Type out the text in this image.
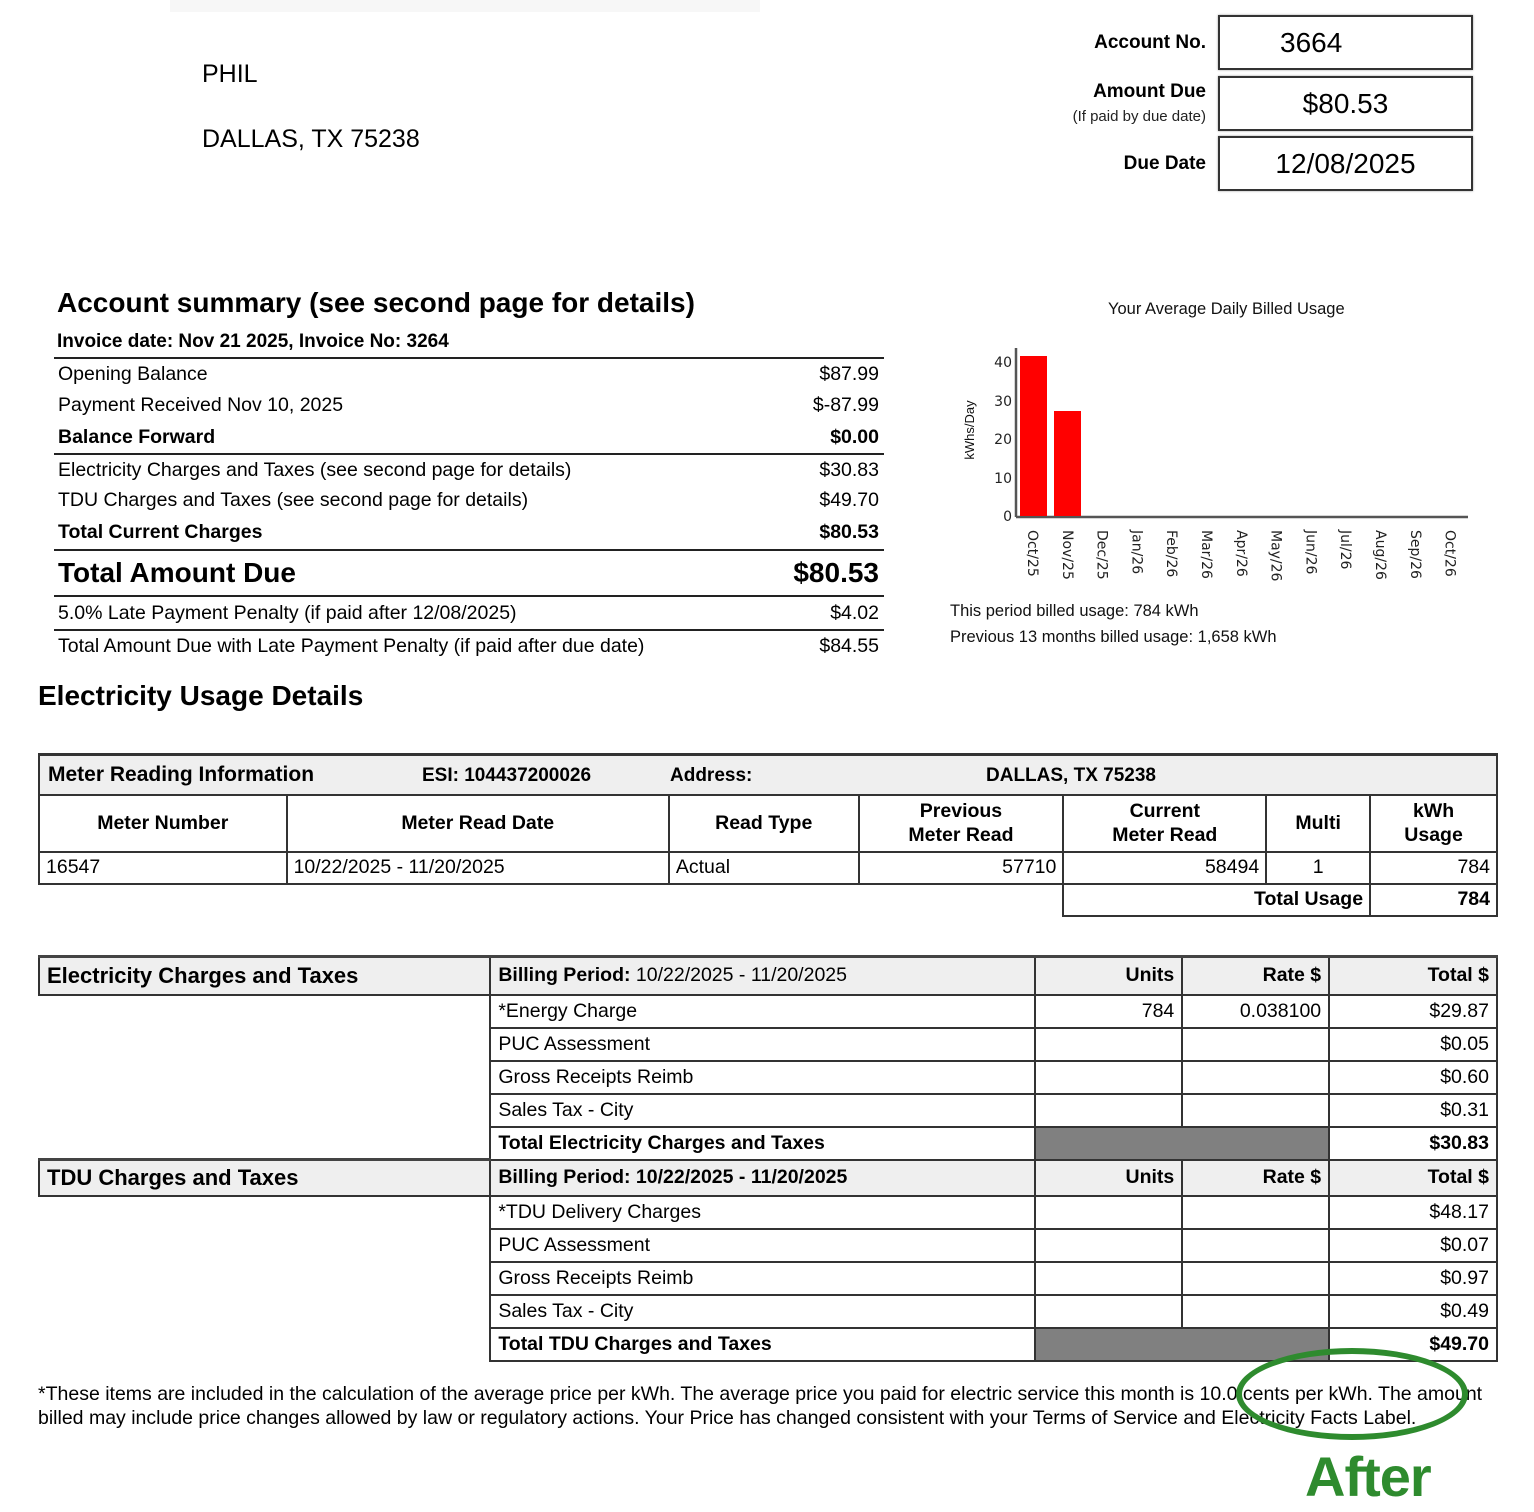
PHIL
DALLAS, TX 75238
Account No.	3664
Amount Due
(If paid by due date)	$80.53
Due Date	12/08/2025
Account summary (see second page for details)
Invoice date: Nov 21 2025, Invoice No: 3264
Opening Balance	$87.99
Payment Received Nov 10, 2025	$-87.99
Balance Forward	$0.00
Electricity Charges and Taxes (see second page for details)	$30.83
TDU Charges and Taxes (see second page for details)	$49.70
Total Current Charges	$80.53
Total Amount Due	$80.53
5.0% Late Payment Penalty (if paid after 12/08/2025)	$4.02
Total Amount Due with Late Payment Penalty (if paid after due date)	$84.55
Your Average Daily Billed Usage
kWhs/Day
0
10
20
30
40
Oct/25 Nov/25 Dec/25 Jan/26 Feb/26 Mar/26 Apr/26 May/26 Jun/26 Jul/26 Aug/26 Sep/26 Oct/26
This period billed usage: 784 kWh
Previous 13 months billed usage: 1,658 kWh
Electricity Usage Details
Meter Reading Information ESI: 104437200026 Address: DALLAS, TX 75238						

Meter Number	Meter Read Date	Read Type	Previous Meter Read	Current Meter Read	Multi	kWh Usage
16547	10/22/2025 - 11/20/2025	Actual	57710	58494	1	784
				Total Usage		784
Electricity Charges and Taxes	Billing Period: 10/22/2025 - 11/20/2025	Units	Rate $	Total $
	*Energy Charge	784	0.038100	$29.87
	PUC Assessment			$0.05
	Gross Receipts Reimb			$0.60
	Sales Tax - City			$0.31
	Total Electricity Charges and Taxes			$30.83
TDU Charges and Taxes	Billing Period: 10/22/2025 - 11/20/2025	Units	Rate $	Total $
	*TDU Delivery Charges			$48.17
	PUC Assessment			$0.07
	Gross Receipts Reimb			$0.97
	Sales Tax - City			$0.49
	Total TDU Charges and Taxes			$49.70
*These items are included in the calculation of the average price per kWh. The average price you paid for electric service this month is 10.0 cents per kWh. The amount billed may include price changes allowed by law or regulatory actions. Your Price has changed consistent with your Terms of Service and Electricity Facts Label.
After
